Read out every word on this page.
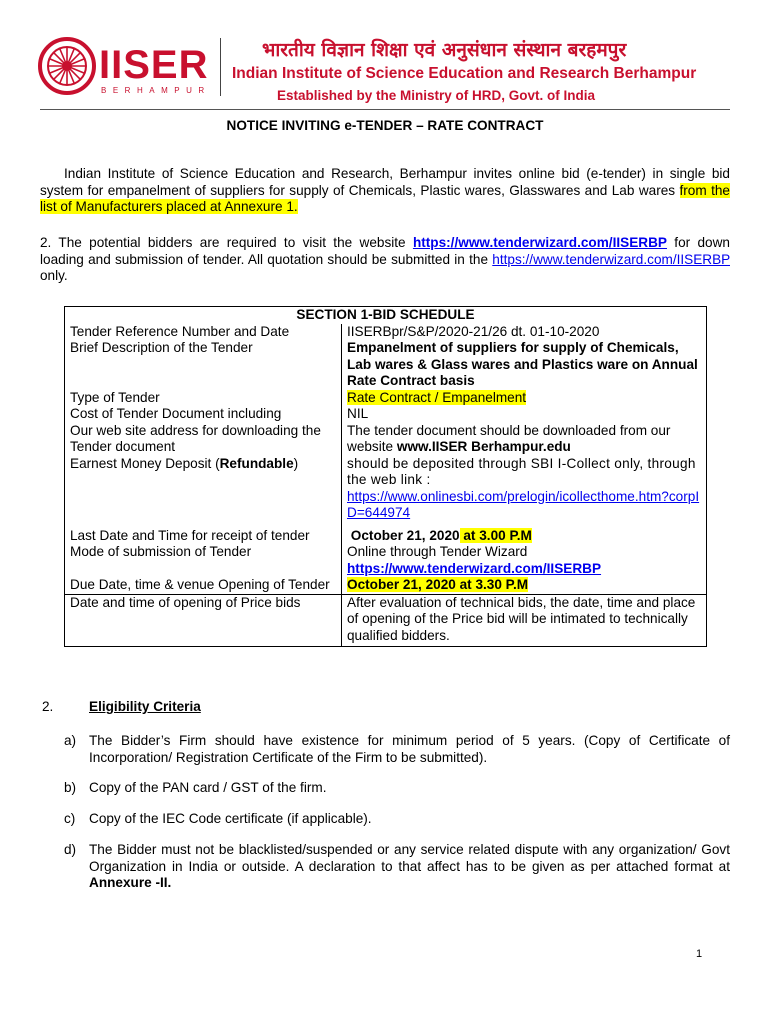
IISER
BERHAMPUR
भारतीय विज्ञान शिक्षा एवं अनुसंधान संस्थान बरहमपुर
Indian Institute of Science Education and Research Berhampur
Established by the Ministry of HRD, Govt. of India
NOTICE INVITING e-TENDER – RATE CONTRACT
Indian Institute of Science Education and Research, Berhampur invites online bid (e-tender) in single bid system for empanelment of suppliers for supply of Chemicals, Plastic wares, Glasswares and Lab wares from the list of Manufacturers placed at Annexure 1.
2. The potential bidders are required to visit the website https://www.tenderwizard.com/IISERBP for down loading and submission of tender. All quotation should be submitted in the https://www.tenderwizard.com/IISERBP only.
SECTION 1-BID SCHEDULE	
Tender Reference Number and Date	IISERBpr/S&P/2020-21/26 dt. 01-10-2020
Brief Description of the Tender	Empanelment of suppliers for supply of Chemicals, Lab wares & Glass wares and Plastics ware on Annual Rate Contract basis
Type of Tender	Rate Contract / Empanelment
Cost of Tender Document including	NIL
Our web site address for downloading the Tender document	The tender document should be downloaded from our website www.IISER Berhampur.edu
Earnest Money Deposit (Refundable)	should be deposited through SBI I-Collect only, through the web link :
https://www.onlinesbi.com/prelogin/icollecthome.htm?corpID=644974

Last Date and Time for receipt of tender	October 21, 2020 at 3.00 P.M
Mode of submission of Tender	Online through Tender Wizard
https://www.tenderwizard.com/IISERBP
Due Date, time & venue Opening of Tender	October 21, 2020 at 3.30 P.M
Date and time of opening of Price bids	After evaluation of technical bids, the date, time and place of opening of the Price bid will be intimated to technically qualified bidders.
2.	Eligibility Criteria
a) The Bidder’s Firm should have existence for minimum period of 5 years. (Copy of Certificate of Incorporation/ Registration Certificate of the Firm to be submitted).
b) Copy of the PAN card / GST of the firm.
c) Copy of the IEC Code certificate (if applicable).
d) The Bidder must not be blacklisted/suspended or any service related dispute with any organization/ Govt Organization in India or outside. A declaration to that affect has to be given as per attached format at Annexure -II.
1
